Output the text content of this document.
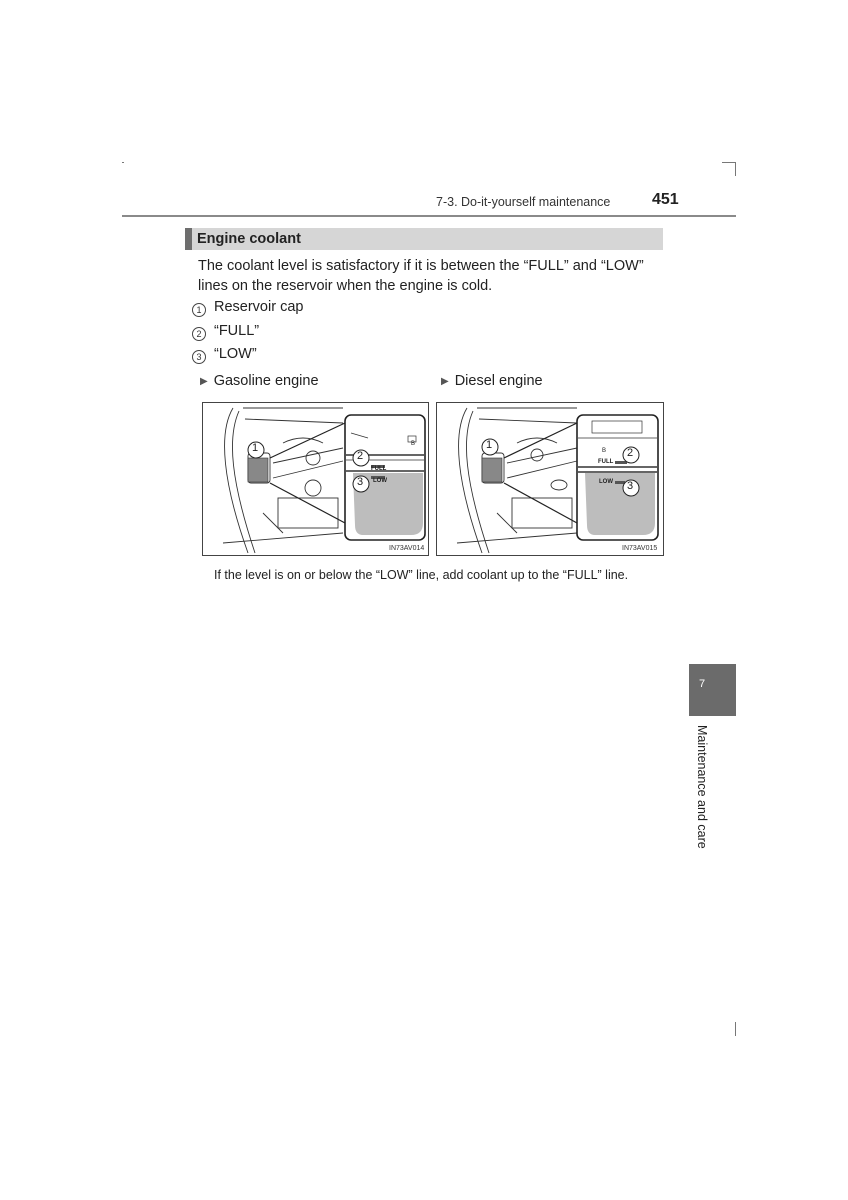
7-3. Do-it-yourself maintenance	451
Engine coolant
The coolant level is satisfactory if it is between the “FULL” and “LOW”
lines on the reservoir when the engine is cold.
1 Reservoir cap
2 “FULL”
3 “LOW”
▶ Gasoline engine	▶ Diesel engine
1
2
3
B
FULL
LOW
IN73AV014
1
2
3
B
FULL
LOW
IN73AV015
If the level is on or below the “LOW” line, add coolant up to the “FULL” line.
7
Maintenance and care
